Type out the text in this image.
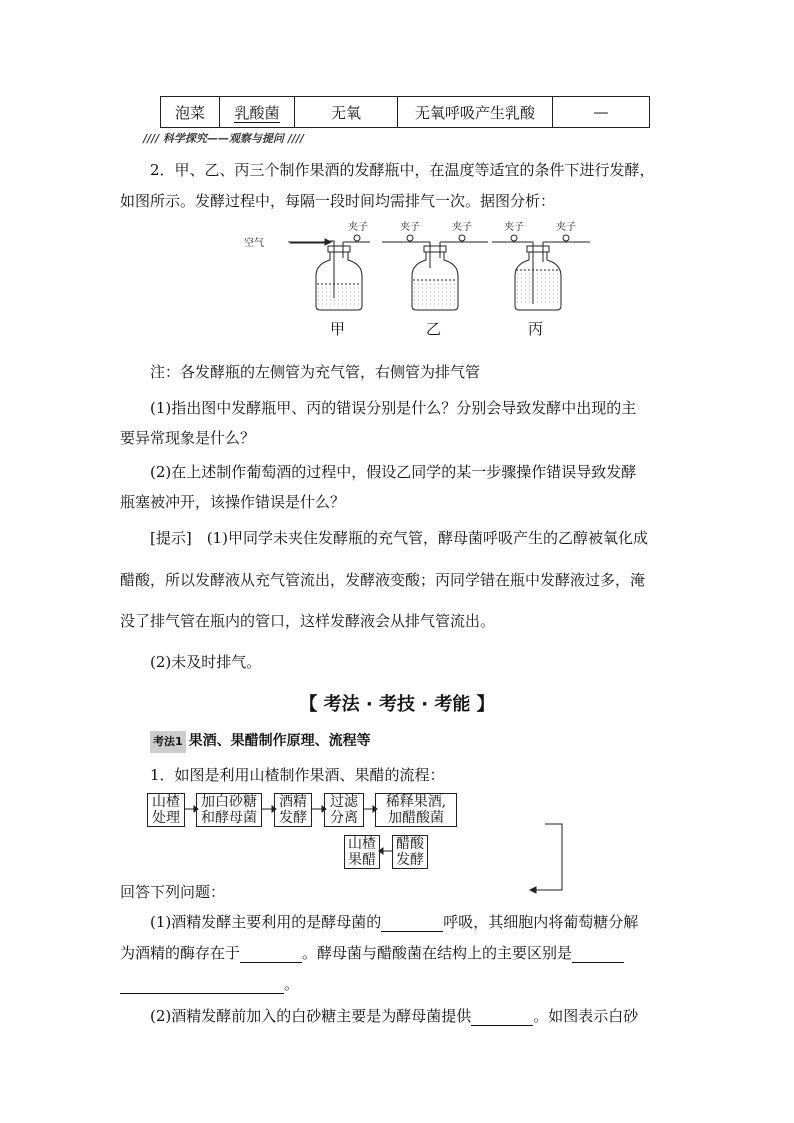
泡菜	乳酸菌	无氧	无氧呼吸产生乳酸	—
//// 科学探究——观察与提问 ////
2．甲、乙、丙三个制作果酒的发酵瓶中，在温度等适宜的条件下进行发酵，
如图所示。发酵过程中，每隔一段时间均需排气一次。据图分析：
空气
夹子	夹子	夹子	夹子	夹子
甲	乙	丙
注：各发酵瓶的左侧管为充气管，右侧管为排气管
(1)指出图中发酵瓶甲、丙的错误分别是什么？分别会导致发酵中出现的主
要异常现象是什么？
(2)在上述制作葡萄酒的过程中，假设乙同学的某一步骤操作错误导致发酵
瓶塞被冲开，该操作错误是什么？
[提示]　(1)甲同学未夹住发酵瓶的充气管，酵母菌呼吸产生的乙醇被氧化成
醋酸，所以发酵液从充气管流出，发酵液变酸；丙同学错在瓶中发酵液过多，淹
没了排气管在瓶内的管口，这样发酵液会从排气管流出。
(2)未及时排气。
【 考法 · 考技 · 考能 】
考法1 果酒、果醋制作原理、流程等
1．如图是利用山楂制作果酒、果醋的流程：
山楂
处理
加白砂糖
和酵母菌
酒精
发酵
过滤
分离
稀释果酒,
加醋酸菌
山楂
果醋
醋酸
发酵
回答下列问题：
(1)酒精发酵主要利用的是酵母菌的	呼吸，其细胞内将葡萄糖分解
为酒精的酶存在于	。酵母菌与醋酸菌在结构上的主要区别是
。
(2)酒精发酵前加入的白砂糖主要是为酵母菌提供	。如图表示白砂
